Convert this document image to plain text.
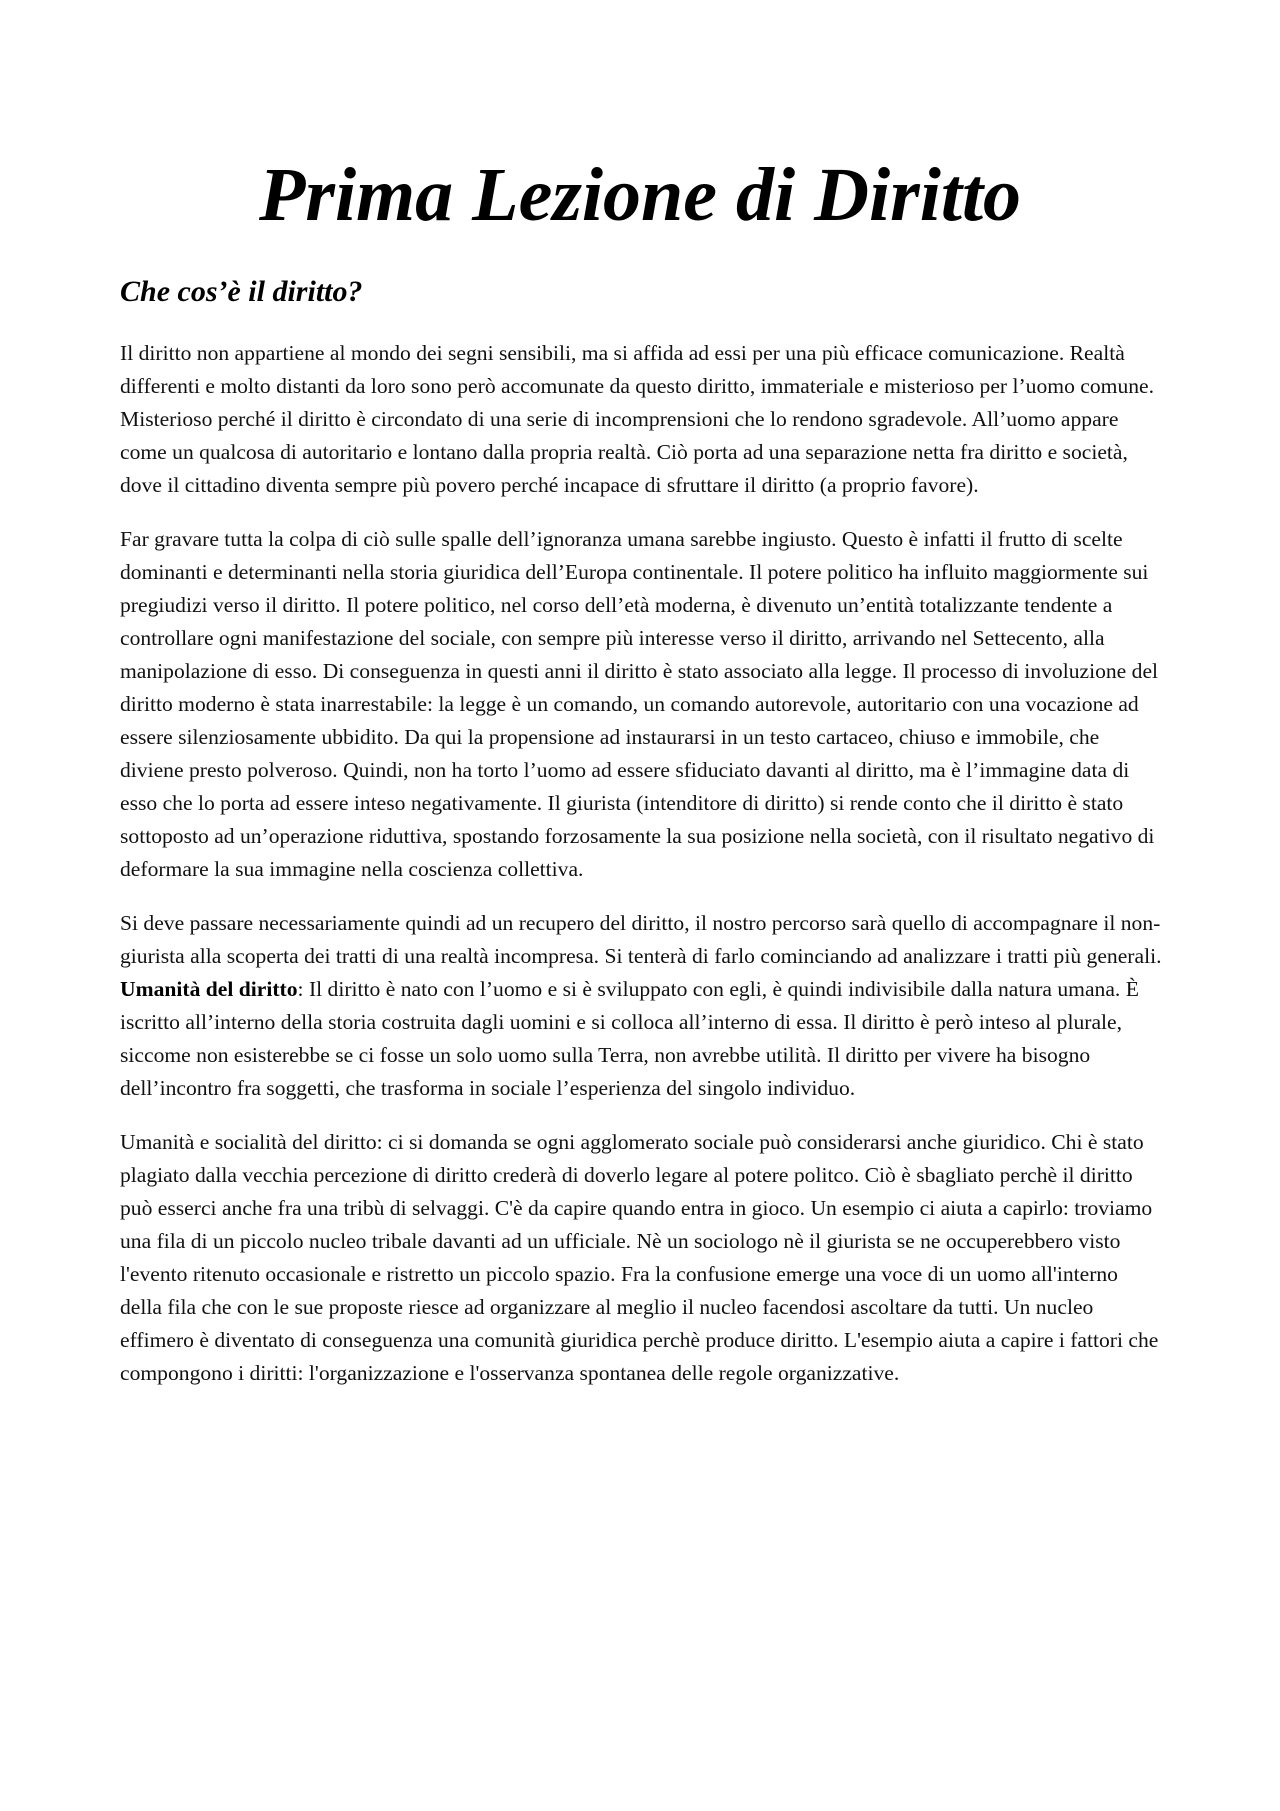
Prima Lezione di Diritto
Che cos’è il diritto?

Il diritto non appartiene al mondo dei segni sensibili, ma si affida ad essi per una più efficace comunicazione. Realtà differenti e molto distanti da loro sono però accomunate da questo diritto, immateriale e misterioso per l’uomo comune. Misterioso perché il diritto è circondato di una serie di incomprensioni che lo rendono sgradevole. All’uomo appare come un qualcosa di autoritario e lontano dalla propria realtà. Ciò porta ad una separazione netta fra diritto e società, dove il cittadino diventa sempre più povero perché incapace di sfruttare il diritto (a proprio favore).

Far gravare tutta la colpa di ciò sulle spalle dell’ignoranza umana sarebbe ingiusto. Questo è infatti il frutto di scelte dominanti e determinanti nella storia giuridica dell’Europa continentale. Il potere politico ha influito maggiormente sui pregiudizi verso il diritto. Il potere politico, nel corso dell’età moderna, è divenuto un’entità totalizzante tendente a controllare ogni manifestazione del sociale, con sempre più interesse verso il diritto, arrivando nel Settecento, alla manipolazione di esso. Di conseguenza in questi anni il diritto è stato associato alla legge. Il processo di involuzione del diritto moderno è stata inarrestabile: la legge è un comando, un comando autorevole, autoritario con una vocazione ad essere silenziosamente ubbidito. Da qui la propensione ad instaurarsi in un testo cartaceo, chiuso e immobile, che diviene presto polveroso. Quindi, non ha torto l’uomo ad essere sfiduciato davanti al diritto, ma è l’immagine data di esso che lo porta ad essere inteso negativamente. Il giurista (intenditore di diritto) si rende conto che il diritto è stato sottoposto ad un’operazione riduttiva, spostando forzosamente la sua posizione nella società, con il risultato negativo di deformare la sua immagine nella coscienza collettiva.

Si deve passare necessariamente quindi ad un recupero del diritto, il nostro percorso sarà quello di accompagnare il non-giurista alla scoperta dei tratti di una realtà incompresa. Si tenterà di farlo cominciando ad analizzare i tratti più generali. Umanità del diritto: Il diritto è nato con l’uomo e si è sviluppato con egli, è quindi indivisibile dalla natura umana. È iscritto all’interno della storia costruita dagli uomini e si colloca all’interno di essa. Il diritto è però inteso al plurale, siccome non esisterebbe se ci fosse un solo uomo sulla Terra, non avrebbe utilità. Il diritto per vivere ha bisogno dell’incontro fra soggetti, che trasforma in sociale l’esperienza del singolo individuo.

Umanità e socialità del diritto: ci si domanda se ogni agglomerato sociale può considerarsi anche giuridico. Chi è stato plagiato dalla vecchia percezione di diritto crederà di doverlo legare al potere politco. Ciò è sbagliato perchè il diritto può esserci anche fra una tribù di selvaggi. C'è da capire quando entra in gioco. Un esempio ci aiuta a capirlo: troviamo una fila di un piccolo nucleo tribale davanti ad un ufficiale. Nè un sociologo nè il giurista se ne occuperebbero visto l'evento ritenuto occasionale e ristretto un piccolo spazio. Fra la confusione emerge una voce di un uomo all'interno della fila che con le sue proposte riesce ad organizzare al meglio il nucleo facendosi ascoltare da tutti. Un nucleo effimero è diventato di conseguenza una comunità giuridica perchè produce diritto. L'esempio aiuta a capire i fattori che compongono i diritti: l'organizzazione e l'osservanza spontanea delle regole organizzative.
